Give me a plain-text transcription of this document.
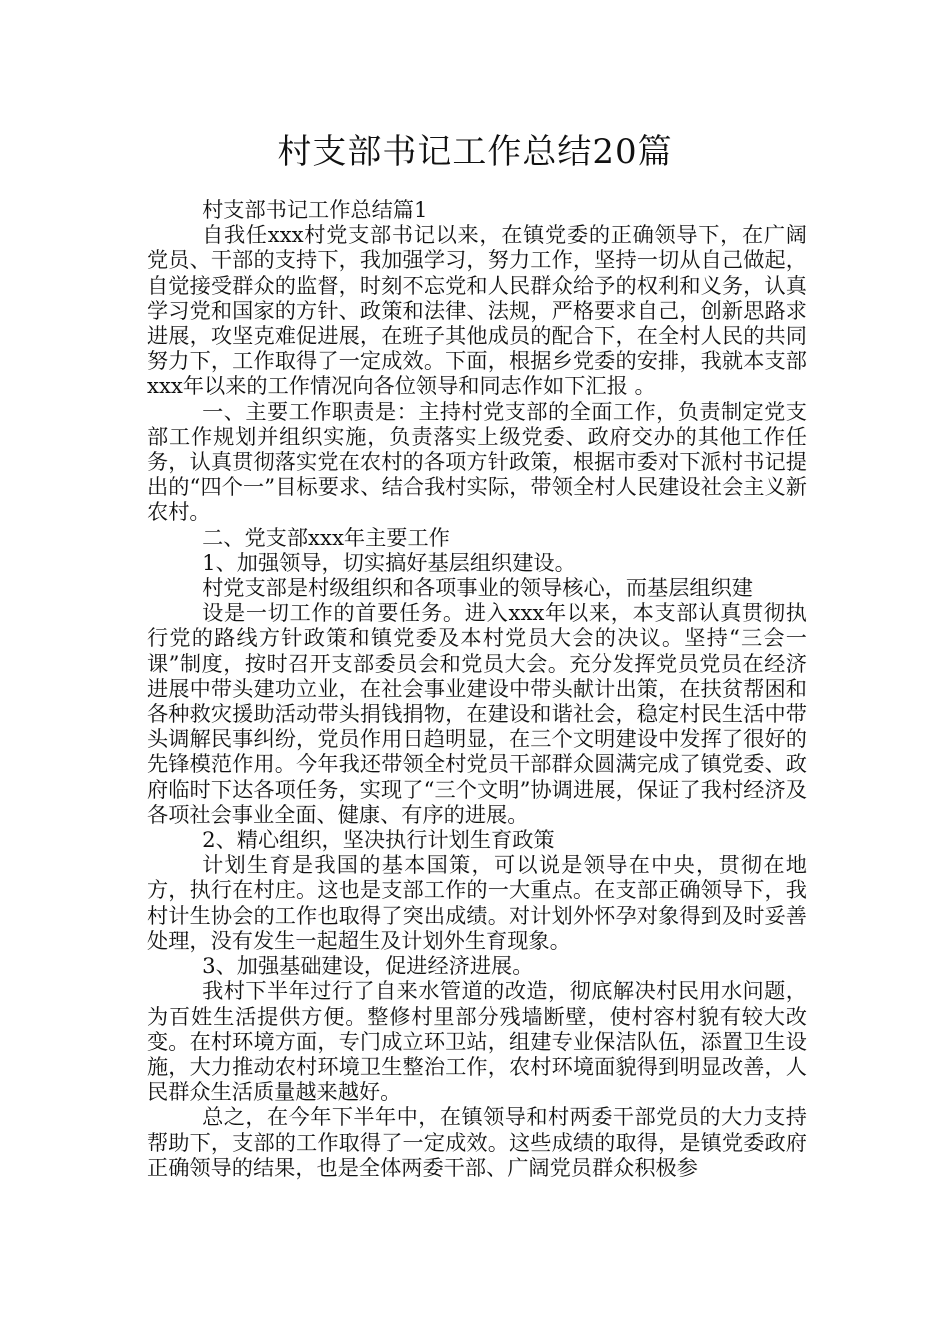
村支部书记工作总结20篇

村支部书记工作总结篇1

自我任xxx村党支部书记以来，在镇党委的正确领导下，在广阔党员、干部的支持下，我加强学习，努力工作，坚持一切从自己做起，自觉接受群众的监督，时刻不忘党和人民群众给予的权利和义务，认真学习党和国家的方针、政策和法律、法规，严格要求自己，创新思路求进展，攻坚克难促进展，在班子其他成员的配合下，在全村人民的共同努力下，工作取得了一定成效。下面，根据乡党委的安排，我就本支部xxx年以来的工作情况向各位领导和同志作如下汇报 。

一、主要工作职责是：主持村党支部的全面工作，负责制定党支部工作规划并组织实施，负责落实上级党委、政府交办的其他工作任务，认真贯彻落实党在农村的各项方针政策，根据市委对下派村书记提出的“四个一”目标要求、结合我村实际，带领全村人民建设社会主义新农村。

二、党支部xxx年主要工作

1、加强领导，切实搞好基层组织建设。

村党支部是村级组织和各项事业的领导核心，而基层组织建

设是一切工作的首要任务。进入xxx年以来，本支部认真贯彻执行党的路线方针政策和镇党委及本村党员大会的决议。坚持“三会一课”制度，按时召开支部委员会和党员大会。充分发挥党员党员在经济进展中带头建功立业，在社会事业建设中带头献计出策，在扶贫帮困和各种救灾援助活动带头捐钱捐物，在建设和谐社会，稳定村民生活中带头调解民事纠纷，党员作用日趋明显，在三个文明建设中发挥了很好的先锋模范作用。今年我还带领全村党员干部群众圆满完成了镇党委、政府临时下达各项任务，实现了“三个文明”协调进展，保证了我村经济及各项社会事业全面、健康、有序的进展。

2、精心组织，坚决执行计划生育政策

计划生育是我国的基本国策，可以说是领导在中央，贯彻在地方，执行在村庄。这也是支部工作的一大重点。在支部正确领导下，我村计生协会的工作也取得了突出成绩。对计划外怀孕对象得到及时妥善处理，没有发生一起超生及计划外生育现象。

3、加强基础建设，促进经济进展。

我村下半年过行了自来水管道的改造，彻底解决村民用水问题，为百姓生活提供方便。整修村里部分残墙断壁，使村容村貌有较大改变。在村环境方面，专门成立环卫站，组建专业保洁队伍，添置卫生设施，大力推动农村环境卫生整治工作，农村环境面貌得到明显改善，人民群众生活质量越来越好。

总之，在今年下半年中，在镇领导和村两委干部党员的大力支持帮助下，支部的工作取得了一定成效。这些成绩的取得，是镇党委政府正确领导的结果，也是全体两委干部、广阔党员群众积极参
